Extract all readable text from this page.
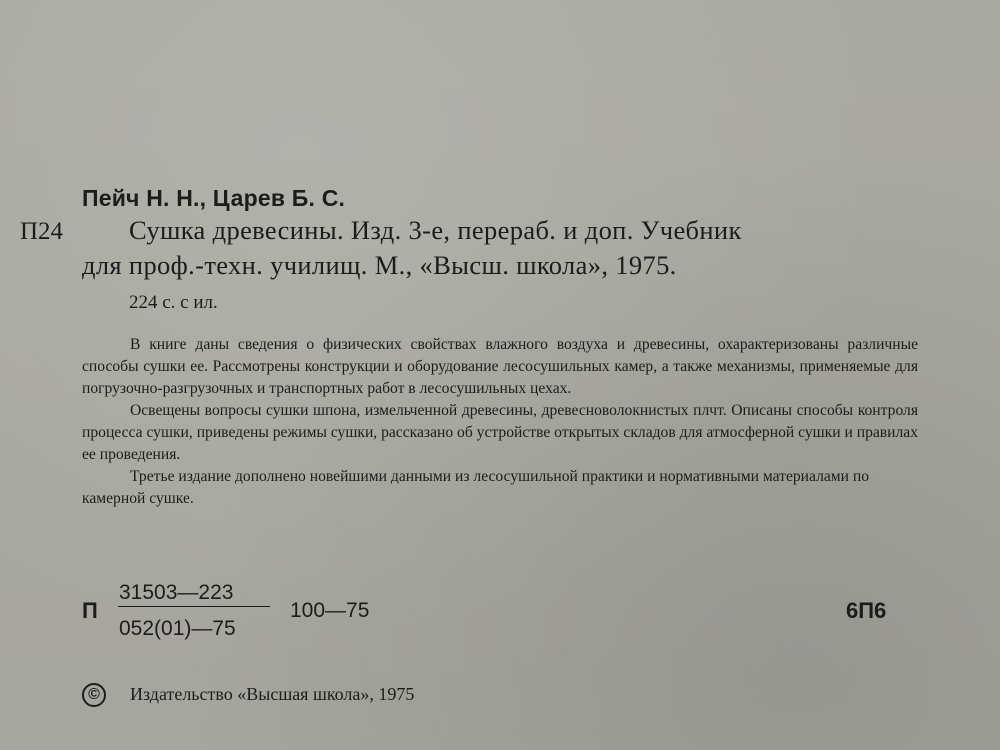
Пейч Н. Н., Царев Б. С.
П24 Сушка древесины. Изд. 3-е, перераб. и доп. Учебник
для проф.-техн. училищ. М., «Высш. школа», 1975.
224 с. с ил.

В книге даны сведения о физических свойствах влажного воздуха и древесины, охарактеризованы различные способы сушки ее. Рассмотрены конструкции и оборудование лесосушильных камер, а также механизмы, применяемые для погрузочно-разгрузочных и транспортных работ в лесосушильных цехах.

Освещены вопросы сушки шпона, измельченной древесины, древесноволокнистых плчт. Описаны способы контроля процесса сушки, приведены режимы сушки, рассказано об устройстве открытых складов для атмосферной сушки и правилах ее проведения.

Третье издание дополнено новейшими данными из лесосушильной практики и нормативными материалами по камерной сушке.

П
31503—223
052(01)—75
100—75	6П6
©	Издательство «Высшая школа», 1975
